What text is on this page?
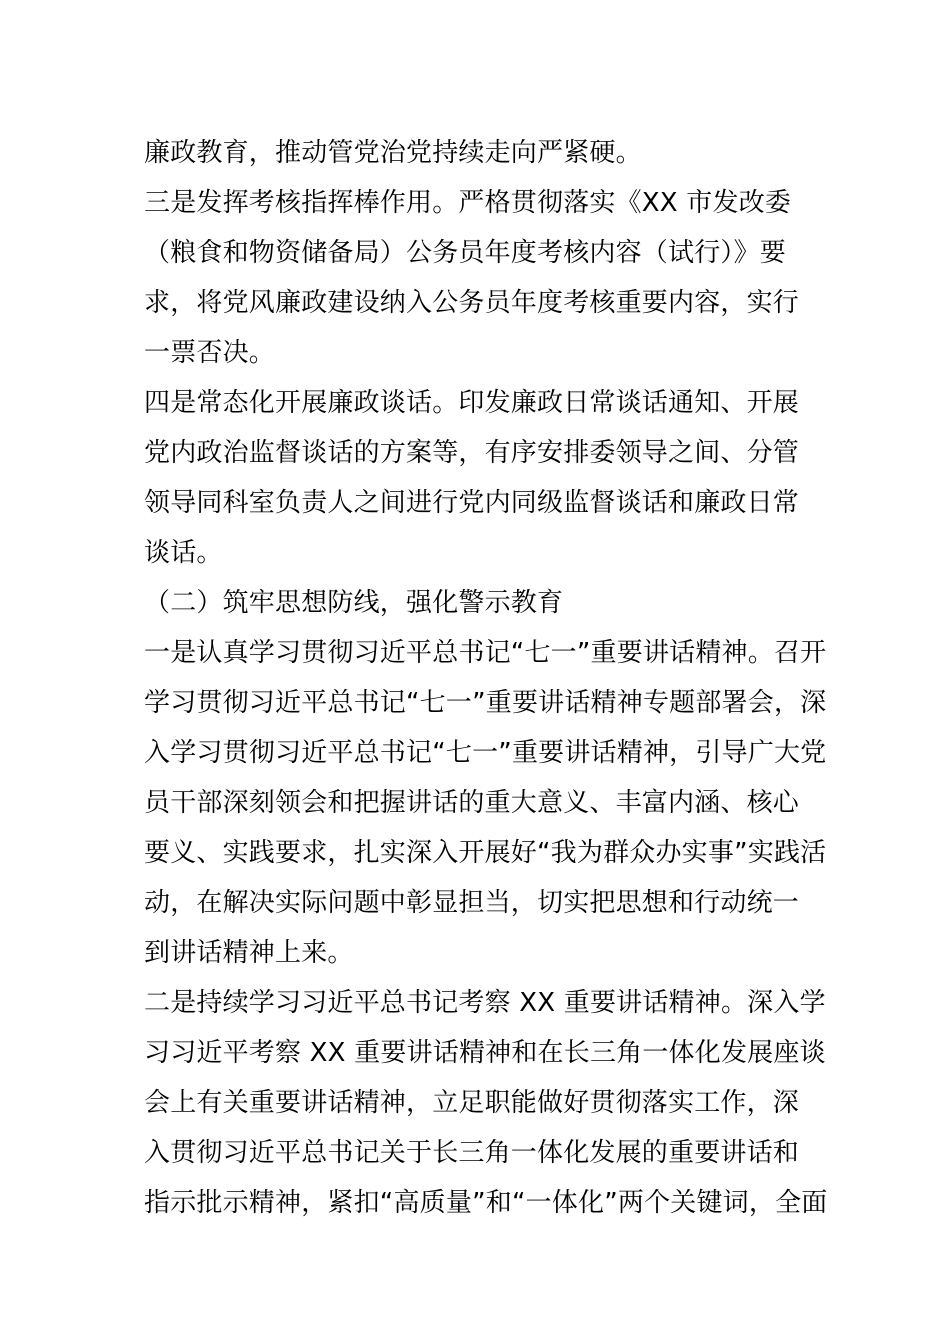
廉政教育，推动管党治党持续走向严紧硬。
三是发挥考核指挥棒作用。严格贯彻落实《XX 市发改委
（粮食和物资储备局）公务员年度考核内容（试行）》要
求，将党风廉政建设纳入公务员年度考核重要内容，实行
一票否决。
四是常态化开展廉政谈话。印发廉政日常谈话通知、开展
党内政治监督谈话的方案等，有序安排委领导之间、分管
领导同科室负责人之间进行党内同级监督谈话和廉政日常
谈话。
（二）筑牢思想防线，强化警示教育
一是认真学习贯彻习近平总书记“七一”重要讲话精神。召开
学习贯彻习近平总书记“七一”重要讲话精神专题部署会，深
入学习贯彻习近平总书记“七一”重要讲话精神，引导广大党
员干部深刻领会和把握讲话的重大意义、丰富内涵、核心
要义、实践要求，扎实深入开展好“我为群众办实事”实践活
动，在解决实际问题中彰显担当，切实把思想和行动统一
到讲话精神上来。
二是持续学习习近平总书记考察 XX 重要讲话精神。深入学
习习近平考察 XX 重要讲话精神和在长三角一体化发展座谈
会上有关重要讲话精神，立足职能做好贯彻落实工作，深
入贯彻习近平总书记关于长三角一体化发展的重要讲话和
指示批示精神，紧扣“高质量”和“一体化”两个关键词，全面
